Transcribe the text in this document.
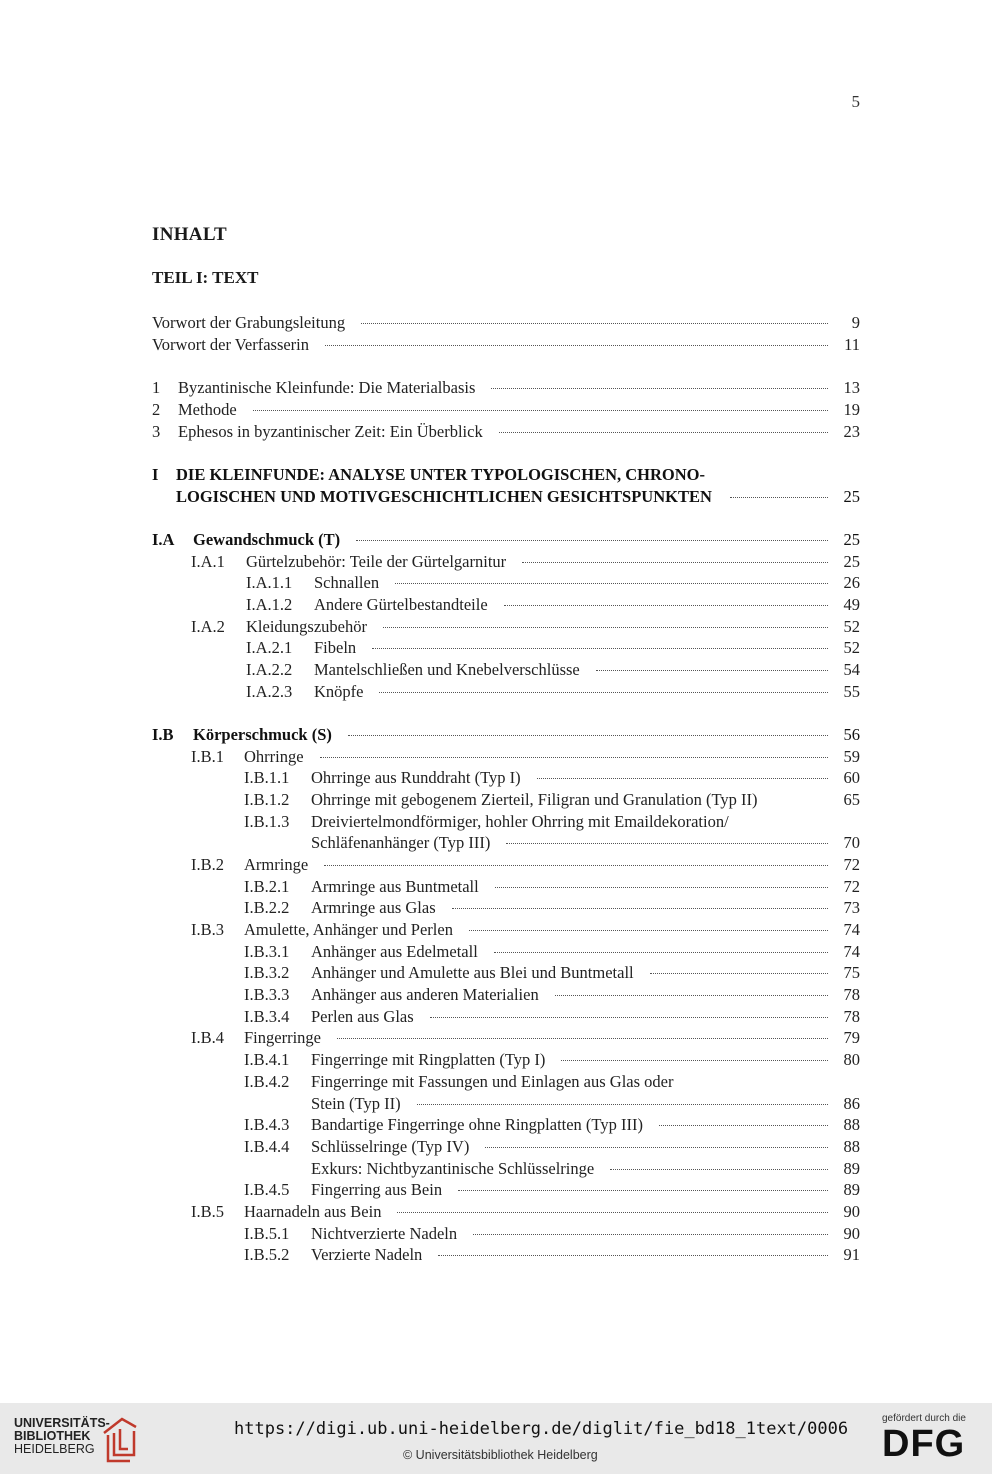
5
INHALT
TEIL I: TEXT
Vorwort der Grabungsleitung	9
Vorwort der Verfasserin	11
1	Byzantinische Kleinfunde: Die Materialbasis	13
2	Methode	19
3	Ephesos in byzantinischer Zeit: Ein Überblick	23
I DIE KLEINFUNDE: ANALYSE UNTER TYPOLOGISCHEN, CHRONO-
LOGISCHEN UND MOTIVGESCHICHTLICHEN GESICHTSPUNKTEN	25
I.A	Gewandschmuck (T)	25
I.A.1	Gürtelzubehör: Teile der Gürtelgarnitur	25
I.A.1.1	Schnallen	26
I.A.1.2	Andere Gürtelbestandteile	49
I.A.2	Kleidungszubehör	52
I.A.2.1	Fibeln	52
I.A.2.2	Mantelschließen und Knebelverschlüsse	54
I.A.2.3	Knöpfe	55
I.B	Körperschmuck (S)	56
I.B.1	Ohrringe	59
I.B.1.1	Ohrringe aus Runddraht (Typ I)	60
I.B.1.2	Ohrringe mit gebogenem Zierteil, Filigran und Granulation (Typ II)	65
I.B.1.3 Dreiviertelmondförmiger, hohler Ohrring mit Emaildekoration/
Schläfenanhänger (Typ III)	70
I.B.2	Armringe	72
I.B.2.1	Armringe aus Buntmetall	72
I.B.2.2	Armringe aus Glas	73
I.B.3	Amulette, Anhänger und Perlen	74
I.B.3.1	Anhänger aus Edelmetall	74
I.B.3.2	Anhänger und Amulette aus Blei und Buntmetall	75
I.B.3.3	Anhänger aus anderen Materialien	78
I.B.3.4	Perlen aus Glas	78
I.B.4	Fingerringe	79
I.B.4.1	Fingerringe mit Ringplatten (Typ I)	80
I.B.4.2 Fingerringe mit Fassungen und Einlagen aus Glas oder
Stein (Typ II)	86
I.B.4.3	Bandartige Fingerringe ohne Ringplatten (Typ III)	88
I.B.4.4	Schlüsselringe (Typ IV)	88
Exkurs: Nichtbyzantinische Schlüsselringe	89
I.B.4.5	Fingerring aus Bein	89
I.B.5	Haarnadeln aus Bein	90
I.B.5.1	Nichtverzierte Nadeln	90
I.B.5.2	Verzierte Nadeln	91
UNIVERSITÄTS-
BIBLIOTHEK
HEIDELBERG
https://digi.ub.uni-heidelberg.de/diglit/fie_bd18_1text/0006
© Universitätsbibliothek Heidelberg
gefördert durch die
DFG
